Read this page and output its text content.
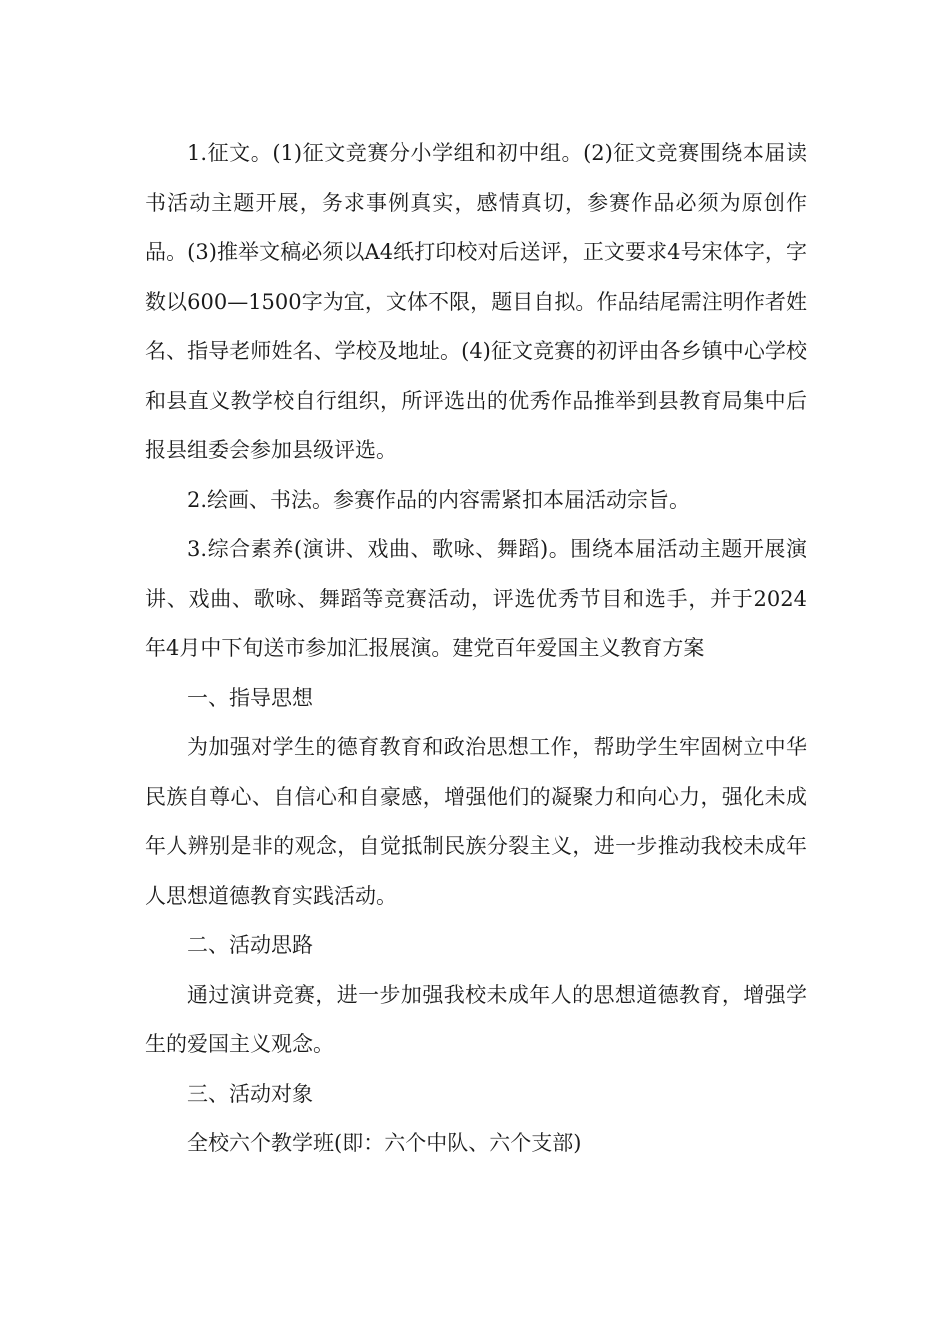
1.征文。(1)征文竞赛分小学组和初中组。(2)征文竞赛围绕本届读书活动主题开展，务求事例真实，感情真切，参赛作品必须为原创作品。(3)推举文稿必须以A4纸打印校对后送评，正文要求4号宋体字，字数以600—1500字为宜，文体不限，题目自拟。作品结尾需注明作者姓名、指导老师姓名、学校及地址。(4)征文竞赛的初评由各乡镇中心学校和县直义教学校自行组织，所评选出的优秀作品推举到县教育局集中后报县组委会参加县级评选。

2.绘画、书法。参赛作品的内容需紧扣本届活动宗旨。

3.综合素养(演讲、戏曲、歌咏、舞蹈)。围绕本届活动主题开展演讲、戏曲、歌咏、舞蹈等竞赛活动，评选优秀节目和选手，并于2024年4月中下旬送市参加汇报展演。建党百年爱国主义教育方案

一、指导思想

为加强对学生的德育教育和政治思想工作，帮助学生牢固树立中华民族自尊心、自信心和自豪感，增强他们的凝聚力和向心力，强化未成年人辨别是非的观念，自觉抵制民族分裂主义，进一步推动我校未成年人思想道德教育实践活动。

二、活动思路

通过演讲竞赛，进一步加强我校未成年人的思想道德教育，增强学生的爱国主义观念。

三、活动对象

全校六个教学班(即：六个中队、六个支部)
